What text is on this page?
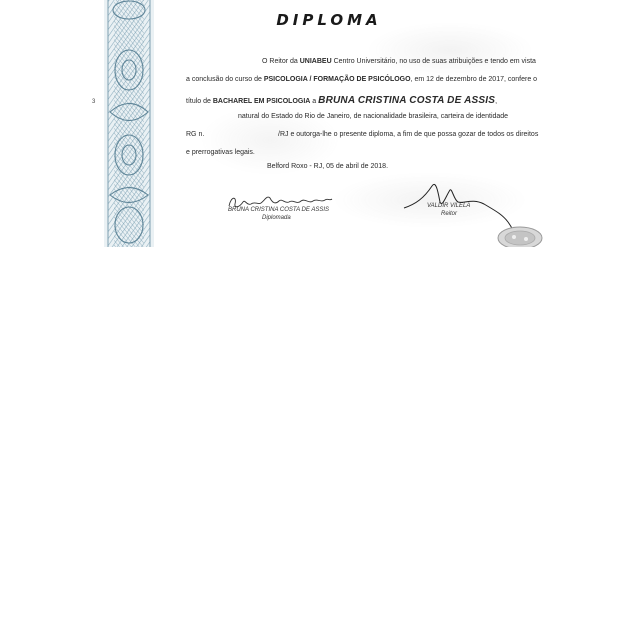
3
DIPLOMA
O Reitor da UNIABEU Centro Universitário, no uso de suas atribuições e tendo em vista
a conclusão do curso de PSICOLOGIA / FORMAÇÃO DE PSICÓLOGO, em 12 de dezembro de 2017, confere o
título de BACHAREL EM PSICOLOGIA a BRUNA CRISTINA COSTA DE ASSIS,
natural do Estado do Rio de Janeiro, de nacionalidade brasileira, carteira de identidade
RG n.	/RJ e outorga-lhe o presente diploma, a fim de que possa gozar de todos os direitos
e prerrogativas legais.
Belford Roxo - RJ, 05 de abril de 2018.
BRUNA CRISTINA COSTA DE ASSIS
Diplomada
VALDIR VILELA
Reitor
